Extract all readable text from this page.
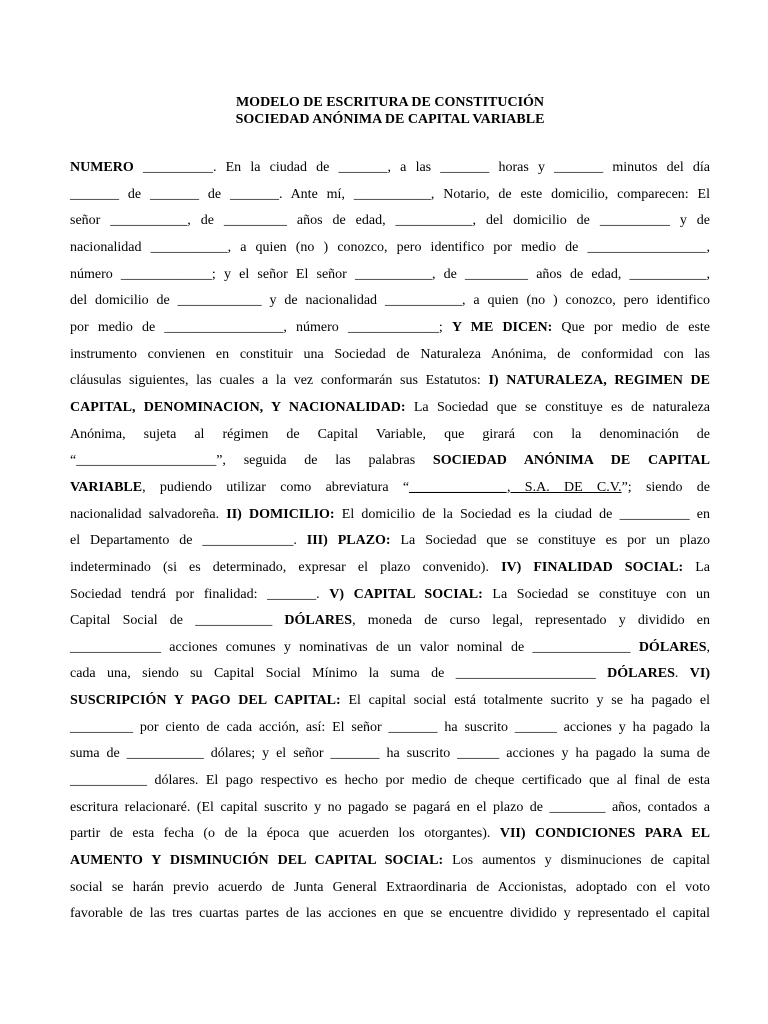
MODELO DE ESCRITURA DE CONSTITUCIÓN
SOCIEDAD ANÓNIMA DE CAPITAL VARIABLE
NUMERO __________. En la ciudad de _______, a las _______ horas y _______ minutos del día
_______ de _______ de _______. Ante mí, ___________, Notario, de este domicilio, comparecen: El
señor ___________, de _________ años de edad, ___________, del domicilio de __________ y de
nacionalidad ___________, a quien (no ) conozco, pero identifico por medio de _________________,
número _____________; y el señor El señor ___________, de _________ años de edad, ___________,
del domicilio de ____________ y de nacionalidad ___________, a quien (no ) conozco, pero identifico
por medio de _________________, número _____________; Y ME DICEN: Que por medio de este
instrumento convienen en constituir una Sociedad de Naturaleza Anónima, de conformidad con las
cláusulas siguientes, las cuales a la vez conformarán sus Estatutos: I) NATURALEZA, REGIMEN DE
CAPITAL, DENOMINACION, Y NACIONALIDAD: La Sociedad que se constituye es de naturaleza
Anónima, sujeta al régimen de Capital Variable, que girará con la denominación de
“____________________”, seguida de las palabras SOCIEDAD ANÓNIMA DE CAPITAL
VARIABLE, pudiendo utilizar como abreviatura “______________, S.A. DE C.V.”; siendo de
nacionalidad salvadoreña. II) DOMICILIO: El domicilio de la Sociedad es la ciudad de __________ en
el Departamento de _____________. III) PLAZO: La Sociedad que se constituye es por un plazo
indeterminado (si es determinado, expresar el plazo convenido). IV) FINALIDAD SOCIAL: La
Sociedad tendrá por finalidad: _______. V) CAPITAL SOCIAL: La Sociedad se constituye con un
Capital Social de ___________ DÓLARES, moneda de curso legal, representado y dividido en
_____________ acciones comunes y nominativas de un valor nominal de ______________ DÓLARES,
cada una, siendo su Capital Social Mínimo la suma de ____________________ DÓLARES. VI)
SUSCRIPCIÓN Y PAGO DEL CAPITAL: El capital social está totalmente sucrito y se ha pagado el
_________ por ciento de cada acción, así: El señor _______ ha suscrito ______ acciones y ha pagado la
suma de ___________ dólares; y el señor _______ ha suscrito ______ acciones y ha pagado la suma de
___________ dólares. El pago respectivo es hecho por medio de cheque certificado que al final de esta
escritura relacionaré. (El capital suscrito y no pagado se pagará en el plazo de ________ años, contados a
partir de esta fecha (o de la época que acuerden los otorgantes). VII) CONDICIONES PARA EL
AUMENTO Y DISMINUCIÓN DEL CAPITAL SOCIAL: Los aumentos y disminuciones de capital
social se harán previo acuerdo de Junta General Extraordinaria de Accionistas, adoptado con el voto
favorable de las tres cuartas partes de las acciones en que se encuentre dividido y representado el capital
